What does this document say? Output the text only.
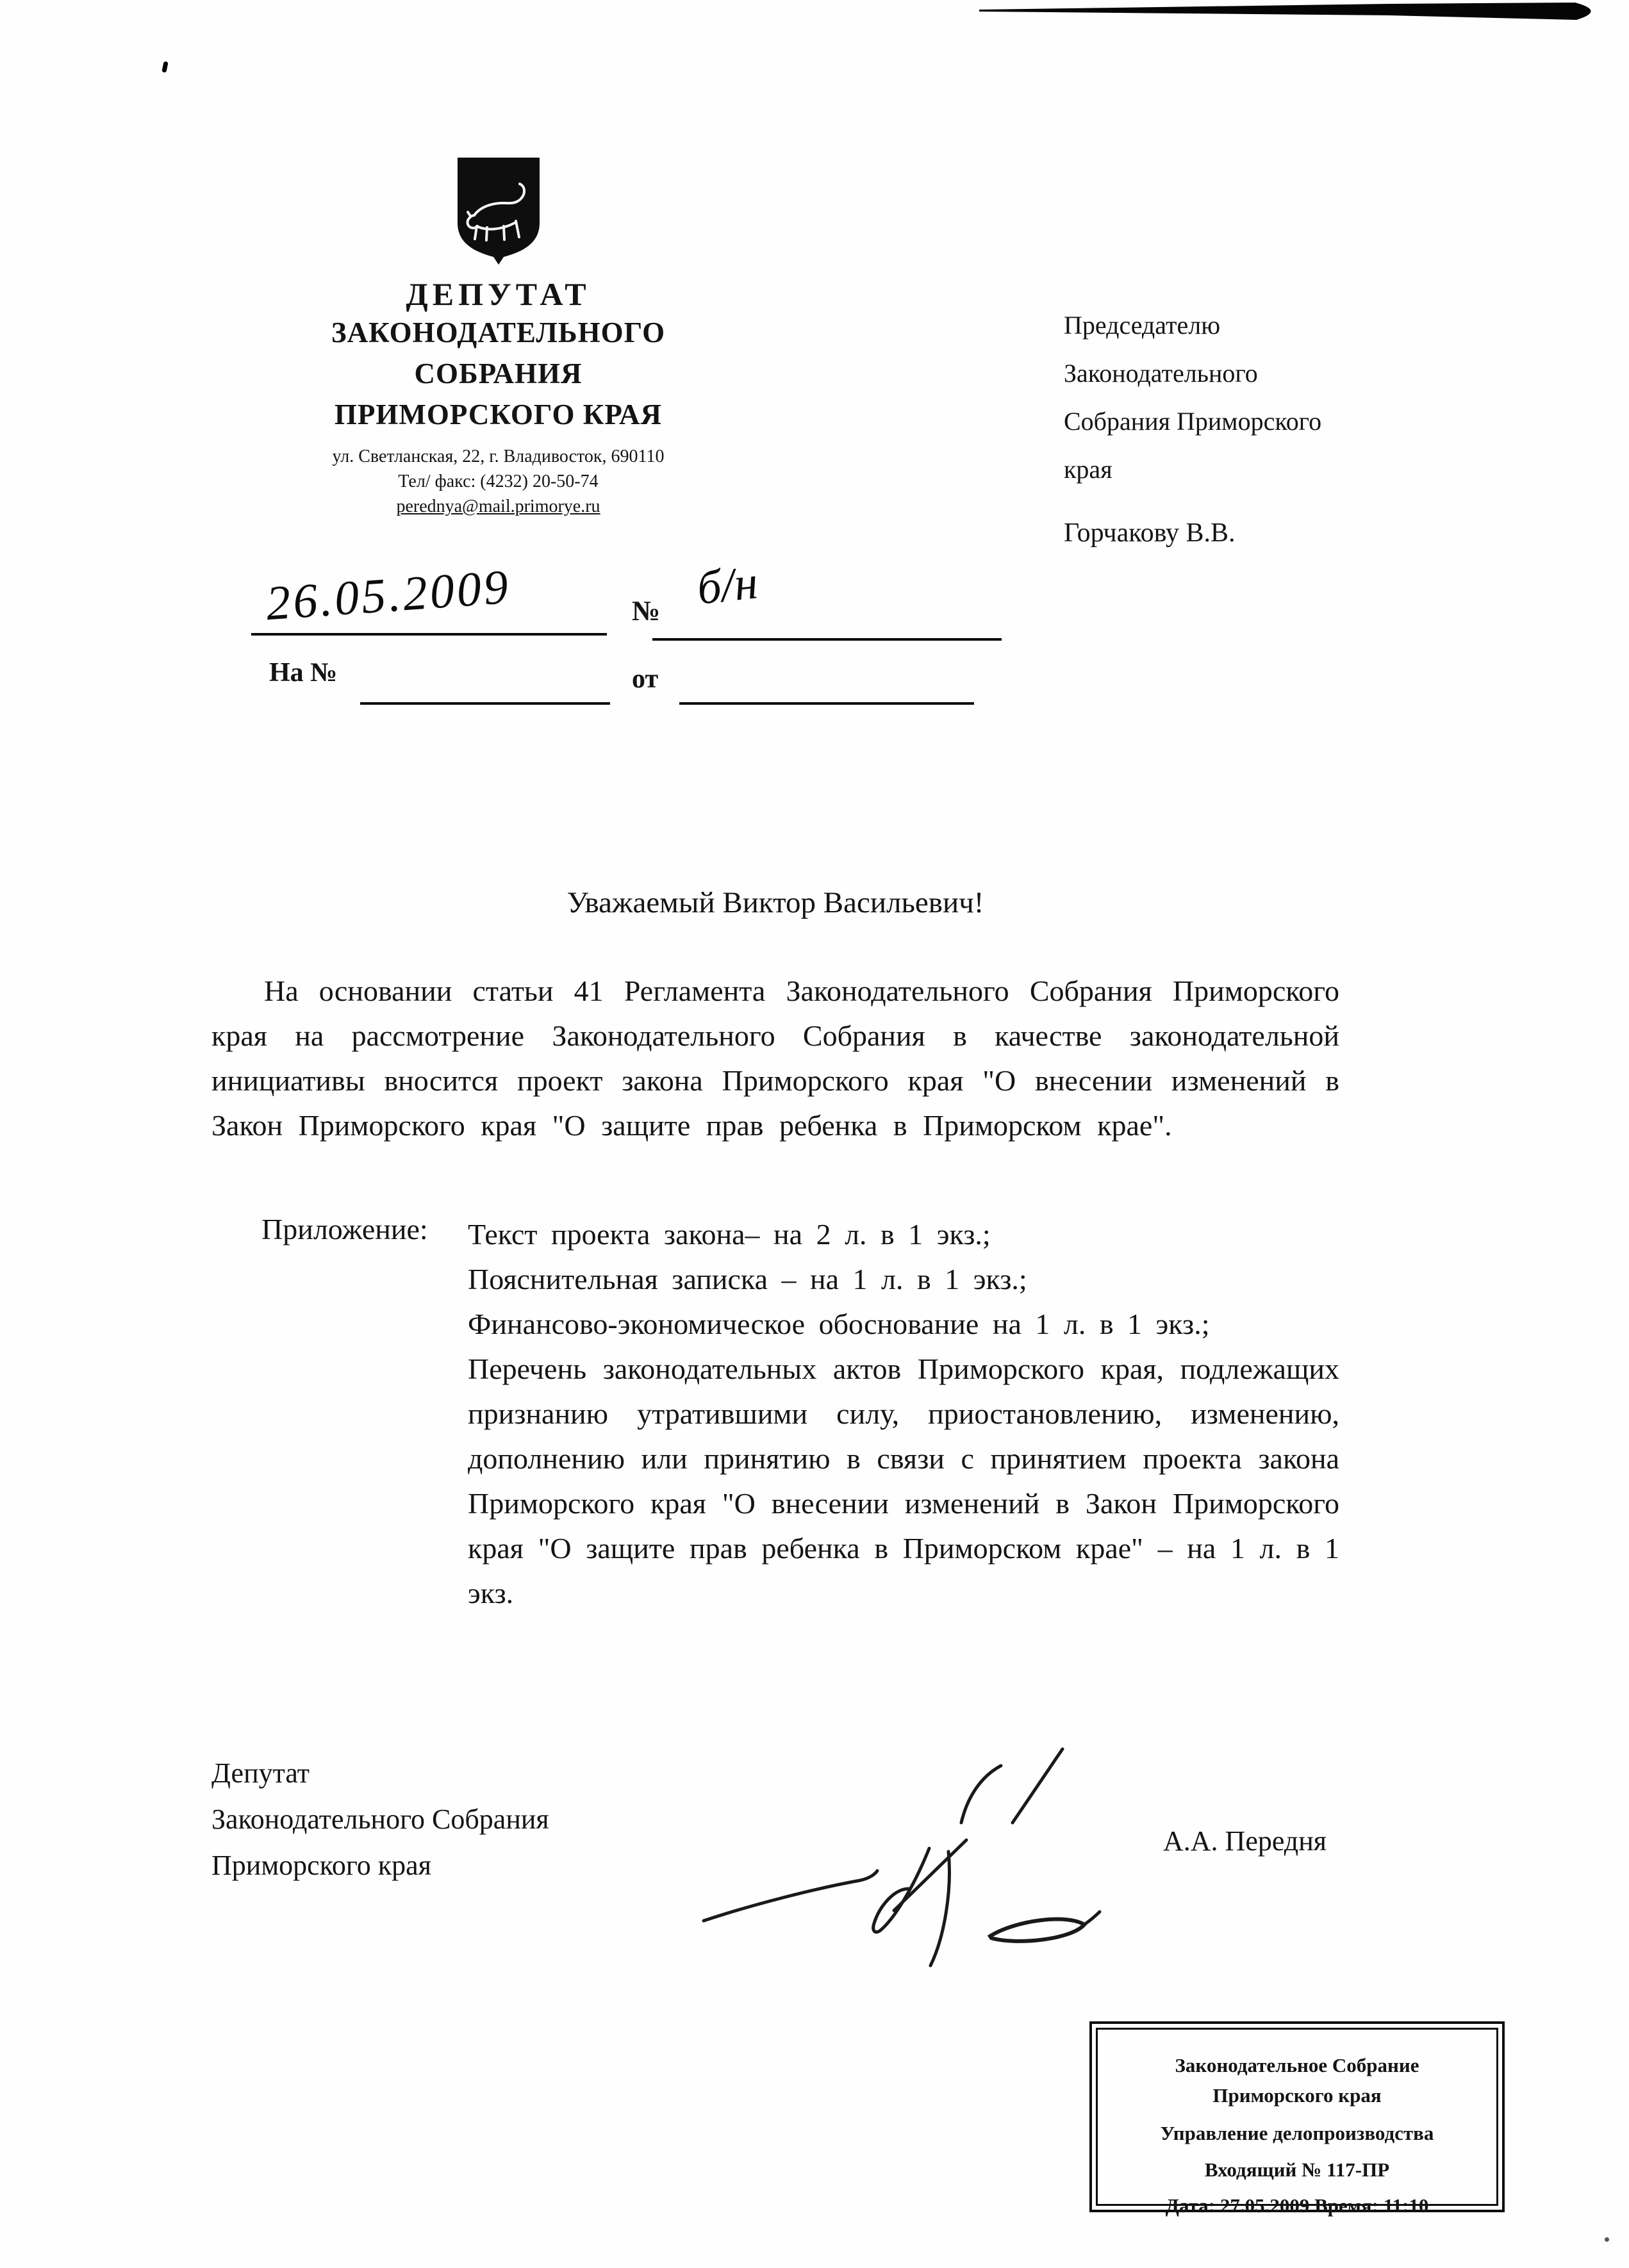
ДЕПУТАТ
ЗАКОНОДАТЕЛЬНОГО
СОБРАНИЯ
ПРИМОРСКОГО КРАЯ
ул. Светланская, 22, г. Владивосток, 690110
Тел/ факс: (4232) 20-50-74
perednya@mail.primorye.ru
Председателю
Законодательного
Собрания Приморского
края
Горчакову В.В.
26.05.2009	№ б/н
На №	от
Уважаемый Виктор Васильевич!
На основании статьи 41 Регламента Законодательного Собрания Приморского края на рассмотрение Законодательного Собрания в качестве законодательной инициативы вносится проект закона Приморского края "О внесении изменений в Закон Приморского края "О защите прав ребенка в Приморском крае".
Приложение: Текст проекта закона– на 2 л. в 1 экз.;
Пояснительная записка – на 1 л. в 1 экз.;
Финансово-экономическое обоснование на 1 л. в 1 экз.;
Перечень законодательных актов Приморского края, подлежащих признанию утратившими силу, приостановлению, изменению, дополнению или принятию в связи с принятием проекта закона Приморского края "О внесении изменений в Закон Приморского края "О защите прав ребенка в Приморском крае" – на 1 л. в 1 экз.
Депутат
Законодательного Собрания
Приморского края
А.А. Передня
Законодательное Собрание
Приморского края
Управление делопроизводства
Входящий № 117-ПР
Дата: 27.05.2009 Время: 11:10
